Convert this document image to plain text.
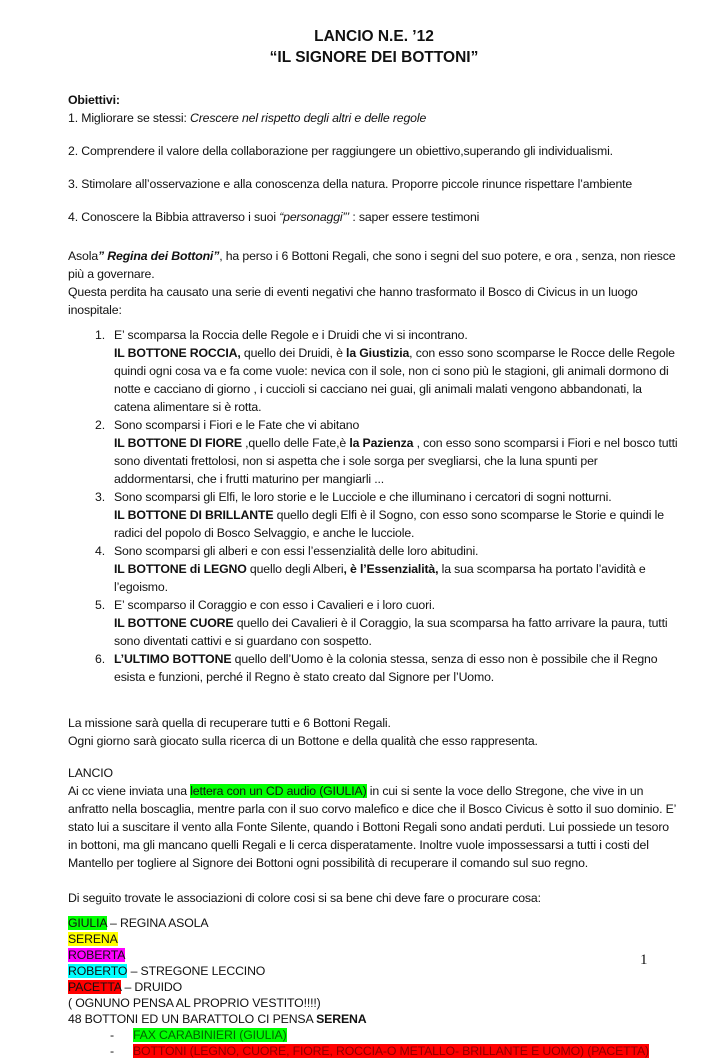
LANCIO N.E. ’12
“IL SIGNORE DEI BOTTONI”
Obiettivi:
1. Migliorare se stessi: Crescere nel rispetto degli altri e delle regole
2. Comprendere il valore della collaborazione per raggiungere un obiettivo,superando gli individualismi.
3. Stimolare all’osservazione e alla conoscenza della natura. Proporre piccole rinunce rispettare l’ambiente
4. Conoscere la Bibbia attraverso i suoi “personaggi”’ : saper essere testimoni
Asola” Regina dei Bottoni”, ha perso i 6 Bottoni Regali, che sono i segni del suo potere, e ora , senza, non riesce più a governare.
Questa perdita ha causato una serie di eventi negativi che hanno trasformato il Bosco di Civicus in un luogo inospitale:
1. E’ scomparsa la Roccia delle Regole e i Druidi che vi si incontrano.
IL BOTTONE ROCCIA, quello dei Druidi, è la Giustizia, con esso sono scomparse le Rocce delle Regole quindi ogni cosa va e fa come vuole: nevica con il sole, non ci sono più le stagioni, gli animali dormono di notte e cacciano di giorno , i cuccioli si cacciano nei guai, gli animali malati vengono abbandonati, la catena alimentare si è rotta.
2. Sono scomparsi i Fiori e le Fate che vi abitano
IL BOTTONE DI FIORE ,quello delle Fate,è la Pazienza , con esso sono scomparsi i Fiori e nel bosco tutti sono diventati frettolosi, non si aspetta che i sole sorga per svegliarsi, che la luna spunti per addormentarsi, che i frutti maturino per mangiarli ...
3. Sono scomparsi gli Elfi, le loro storie e le Lucciole e che illuminano i cercatori di sogni notturni.
IL BOTTONE DI BRILLANTE quello degli Elfi è il Sogno, con esso sono scomparse le Storie e quindi le radici del popolo di Bosco Selvaggio, e anche le lucciole.
4. Sono scomparsi gli alberi e con essi l’essenzialità delle loro abitudini.
IL BOTTONE di LEGNO quello degli Alberi, è l’Essenzialità, la sua scomparsa ha portato l’avidità e l’egoismo.
5. E’ scomparso il Coraggio e con esso i Cavalieri e i loro cuori.
IL BOTTONE CUORE quello dei Cavalieri è il Coraggio, la sua scomparsa ha fatto arrivare la paura, tutti sono diventati cattivi e si guardano con sospetto.
6. L’ULTIMO BOTTONE quello dell’Uomo è la colonia stessa, senza di esso non è possibile che il Regno esista e funzioni, perché il Regno è stato creato dal Signore per l’Uomo.
La missione sarà quella di recuperare tutti e 6 Bottoni Regali.
Ogni giorno sarà giocato sulla ricerca di un Bottone e della qualità che esso rappresenta.
LANCIO
Ai cc viene inviata una lettera con un CD audio (GIULIA) in cui si sente la voce dello Stregone, che vive in un anfratto nella boscaglia, mentre parla con il suo corvo malefico e dice che il Bosco Civicus è sotto il suo dominio. E’ stato lui a suscitare il vento alla Fonte Silente, quando i Bottoni Regali sono andati perduti. Lui possiede un tesoro in bottoni, ma gli mancano quelli Regali e li cerca disperatamente. Inoltre vuole impossessarsi a tutti i costi del Mantello per togliere al Signore dei Bottoni ogni possibilità di recuperare il comando sul suo regno.
Di seguito trovate le associazioni di colore cosi si sa bene chi deve fare o procurare cosa:
GIULIA – REGINA ASOLA
SERENA
ROBERTA
ROBERTO – STREGONE LECCINO
PACETTA – DRUIDO
( OGNUNO PENSA AL PROPRIO VESTITO!!!!)
48 BOTTONI ED UN BARATTOLO CI PENSA SERENA
-	FAX CARABINIERI (GIULIA)
-	BOTTONI (LEGNO, CUORE, FIORE, ROCCIA-O METALLO- BRILLANTE E UOMO) (PACETTA)
1
